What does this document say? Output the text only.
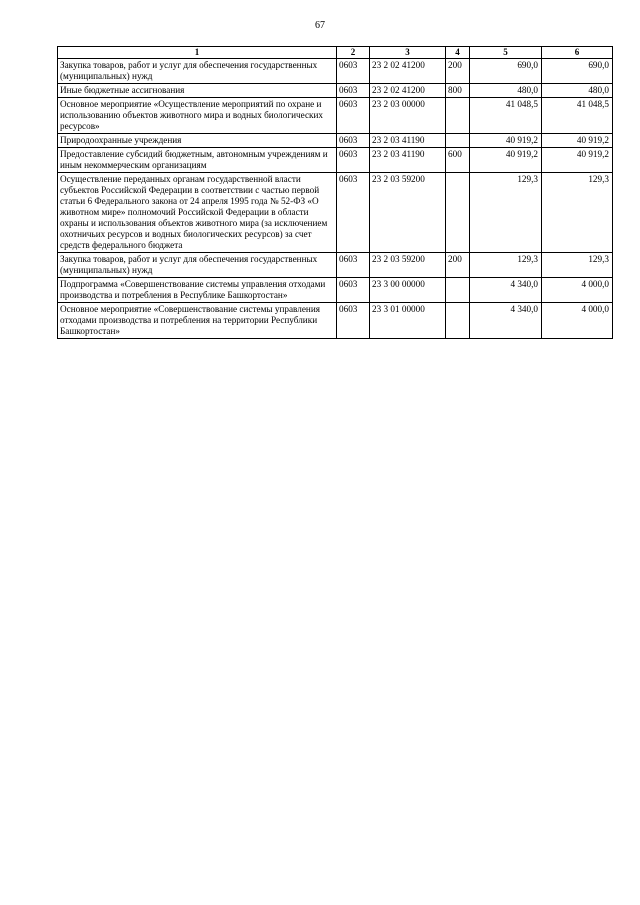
67
1	2	3	4	5	6
Закупка товаров, работ и услуг для обеспечения государственных (муниципальных) нужд	0603	23 2 02 41200	200	690,0	690,0
Иные бюджетные ассигнования	0603	23 2 02 41200	800	480,0	480,0
Основное мероприятие «Осуществление мероприятий по охране и использованию объектов животного мира и водных биологических ресурсов»	0603	23 2 03 00000		41 048,5	41 048,5
Природоохранные учреждения	0603	23 2 03 41190		40 919,2	40 919,2
Предоставление субсидий бюджетным, автономным учреждениям и иным некоммерческим организациям	0603	23 2 03 41190	600	40 919,2	40 919,2
Осуществление переданных органам государственной власти субъектов Российской Федерации в соответствии с частью первой статьи 6 Федерального закона от 24 апреля 1995 года № 52-ФЗ «О животном мире» полномочий Российской Федерации в области охраны и использования объектов животного мира (за исключением охотничьих ресурсов и водных биологических ресурсов) за счет средств федерального бюджета	0603	23 2 03 59200		129,3	129,3
Закупка товаров, работ и услуг для обеспечения государственных (муниципальных) нужд	0603	23 2 03 59200	200	129,3	129,3
Подпрограмма «Совершенствование системы управления отходами производства и потребления в Республике Башкортостан»	0603	23 3 00 00000		4 340,0	4 000,0
Основное мероприятие «Совершенствование системы управления отходами производства и потребления на территории Республики Башкортостан»	0603	23 3 01 00000		4 340,0	4 000,0
